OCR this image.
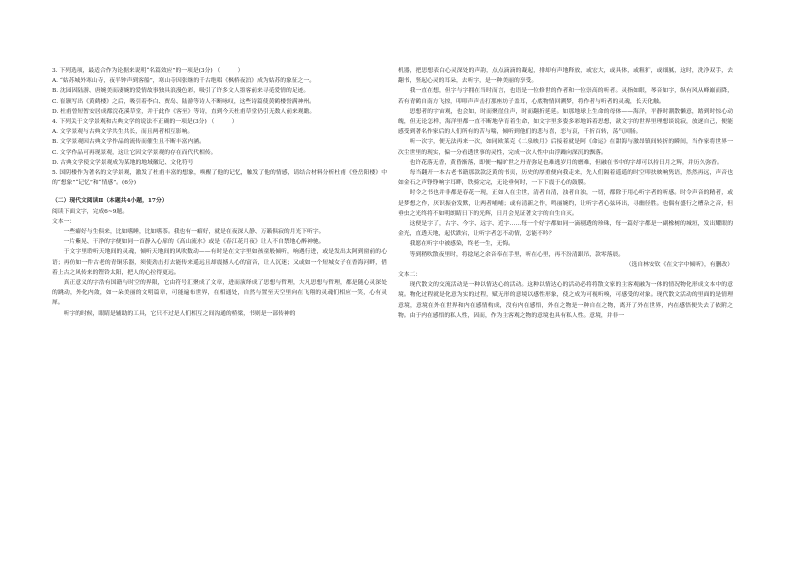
3. 下列选项，最适合作为论据来说明“名篇效应”的一项是(3分) （　　　）

A. “姑苏城外寒山寺，夜半钟声到客船”，寒山寺因张继的千古绝唱《枫桥夜泊》成为姑苏的象征之一。

B. 沈园因陆游、唐婉美而凄婉的爱情故事独具浪漫色彩，吸引了许多文人墨客前来寻觅爱情的足迹。

C. 崔颢写出《黄鹤楼》之后，吸引着李白、贾岛、陆游等诗人不断咏叹，这些诗篇使黄鹤楼誉满神州。

D. 杜甫曾短暂安居成都浣花溪草堂，并于此作《客至》等诗，直到今天杜甫草堂仍引无数人前来观瞻。

4. 下列关于文学景观和古典文学的说法不正确的一项是(3分) （　　　）

A. 文学景观与古典文学共生共长，而且两者相互影响。

B. 文学景观因古典文学作品的流传而催生且不断丰富内涵。

C. 文学作品可再现景观，这让它因文学景观的存在而代代相传。

D. 古典文学使文学景观成为某地的地域徽记、文化符号

5. 国阴楼作为著名的文学景观，激发了杜甫丰富的想象，唤醒了他的记忆，触发了他的情感，请结合材料分析杜甫《登岳阳楼》中的“想象”“记忆”和“情感”。(6分)

（二）现代文阅读Ⅱ（本题共4小题，17分）

阅读下面文字，完成6~9题。

文本一：

一些癖好与生俱来，比如嗜睡，比如嗜茶。我也有一癖好，就是在夜深人静、万籁俱寂的月光下听字。

一片紫晃、干净的字便如同一首静入心扉的《高山流水》或是《春江花月夜》让人不自禁地心醉神驰。

于文字里聆听天地间的灵魂，倾听天地间的风吹数动——有时是在文字里如孩童般倾听，响遇行进，或是发出太阿到窗前的心语；再仿如一件古老的青铜乐器，须使劲击打去能传来遥远且却震撼人心的富音，让人沉迷；又或如一个短城女子在香海河畔，借着上古之风传来的铿铃太阳，把人的心拉得更远。

真正意义的字浩有国籍与时空的界限，它由符号汇聚成了文章，进而演绎成了思想与哲理，大凡思想与哲理，都是随心灵深处的跳动，外化内敛，如一朵美丽的文明篇章，可能遍布世界，在相通处，自然与置至天空里向在飞翔的灵魂们相应一笑，心有灵犀。

听字的时候，眼睛是辅助的工具，它只不过是人们相互之间沟通的桥梁，书则是一部传神的

机器，把思想表白心灵深处的声韵，点点滴滴的凝起，排却有声地释放，或宏大，或具体，或粗犷，或细腻，这时，洗净双手，去翻书，竖起心灵的耳朵，去听字，是一种美丽的享受。

我一直在想，但字与字拥在当时而言，也语是一位修世的作者和一位崇高的听者。灵指如眼，琴音如字，纵有风从峰巅而降，若有青鹤自南方飞掠，叩叩声声击打那座坊子盖耳，心底物情回溯梦，将作者与听者的灵魂，长天化触。

思想者的宇宙观，也会如，时而聚崖住声，时而翻折延延。如那地球上生命的母体——海洋，平静时潮散懒意，踏到时惊心动魄，但无论怎样，海洋里都一直不断地孕育着生命，如文字里多姿多彩地诉着思想，歆文字的世界里理想谈说寂，放逐自己，便能感受到著名作家后的人们所有的苦与喘，倾听到他们的悲与喜，恋与哀，千折百转，荡气回肠。

听一次字，便无法再来一次，如同欧莱克《二泉映月》后接着就是阿《命运》在甜海与激昂镇间转折的瞬间，当作家将世界一次尘世里的现实，偏一分看透世事的灵性，完成一次人性中由浮躁向深沉的飘落。

也许花落无香，黄昏渐落，即便一幅旷世之丹青弥足也难逃岁月的磨难，但融在书中的字却可以持日月之辉，并历久弥香。

每当翻开一本古老书籍那款款泛黄的书页，历史的厚重便向我走来，先人们隔着遥遥的时空叩扶映响隽语，然然再远，声音也如金石之声铮铮响字耳畔，铁骑完完，无论垂何时，一下下震于心的鼓膜。

时令之书也并非都是春花一现，正如人在尘世，清者自清，浊者自浊，一切，都除于用心听字者的听感。时令声音的精者，或是梦想之作，厌识振奋发默，让两者哺哺；或有清新之作，鸣丽婉约，让听字者心弦环出，寻幽径胜。也偶有盛行之槽杂之音，但垂虫之光终将不如明朗睛日下的光辉，日月会见证著文字的自生自灭。

这便是字了，古字、今字、远字、近字……每一个好字都如同一滴剔透的珍珠，每一篇好字都是一副橡树的城垣，发出耀眼的金光，直透天地，起伏跌宕，让听字者怎不动情，怎能不吟？

我愿在听字中被感染，终老一生，无悔。

等到稍吹散夜里时，将捻尾之余音奉在手里，听在心里，再不汾清跟吊，款零落晨。

（选自林安钦《在文字中倾听》，有删改）

文本二：

现代散文的交流活动是一种以情达心的活动。这种以情达心的活动必将将散文家的主客观融为一体的情况物化形成文本中的意境。物化过程就是化意为实的过程，赋无形的意境以感性形象，使之成为可视听嗅，可感受的对象。现代散文活动的里面的是情理意境，意境在外在世界和内在感情构成，没有内在感悟，外在之物是一种自在之物，离开了外在世界，内在感悟便失去了依附之物。由于内在感悟的私人性，因而，作为主客观之物的意境也具有私人性。意境，并非一
